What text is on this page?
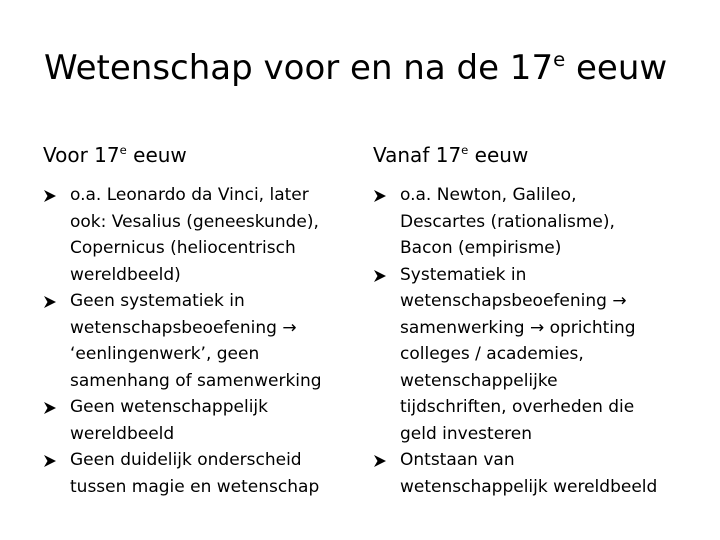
Wetenschap voor en na de 17e eeuw
Voor 17e eeuw
o.a. Leonardo da Vinci, later
ook: Vesalius (geneeskunde),
Copernicus (heliocentrisch
wereldbeeld)
Geen systematiek in
wetenschapsbeoefening →
‘eenlingenwerk’, geen
samenhang of samenwerking
Geen wetenschappelijk
wereldbeeld
Geen duidelijk onderscheid
tussen magie en wetenschap
Vanaf 17e eeuw
o.a. Newton, Galileo,
Descartes (rationalisme),
Bacon (empirisme)
Systematiek in
wetenschapsbeoefening →
samenwerking → oprichting
colleges / academies,
wetenschappelijke
tijdschriften, overheden die
geld investeren
Ontstaan van
wetenschappelijk wereldbeeld
